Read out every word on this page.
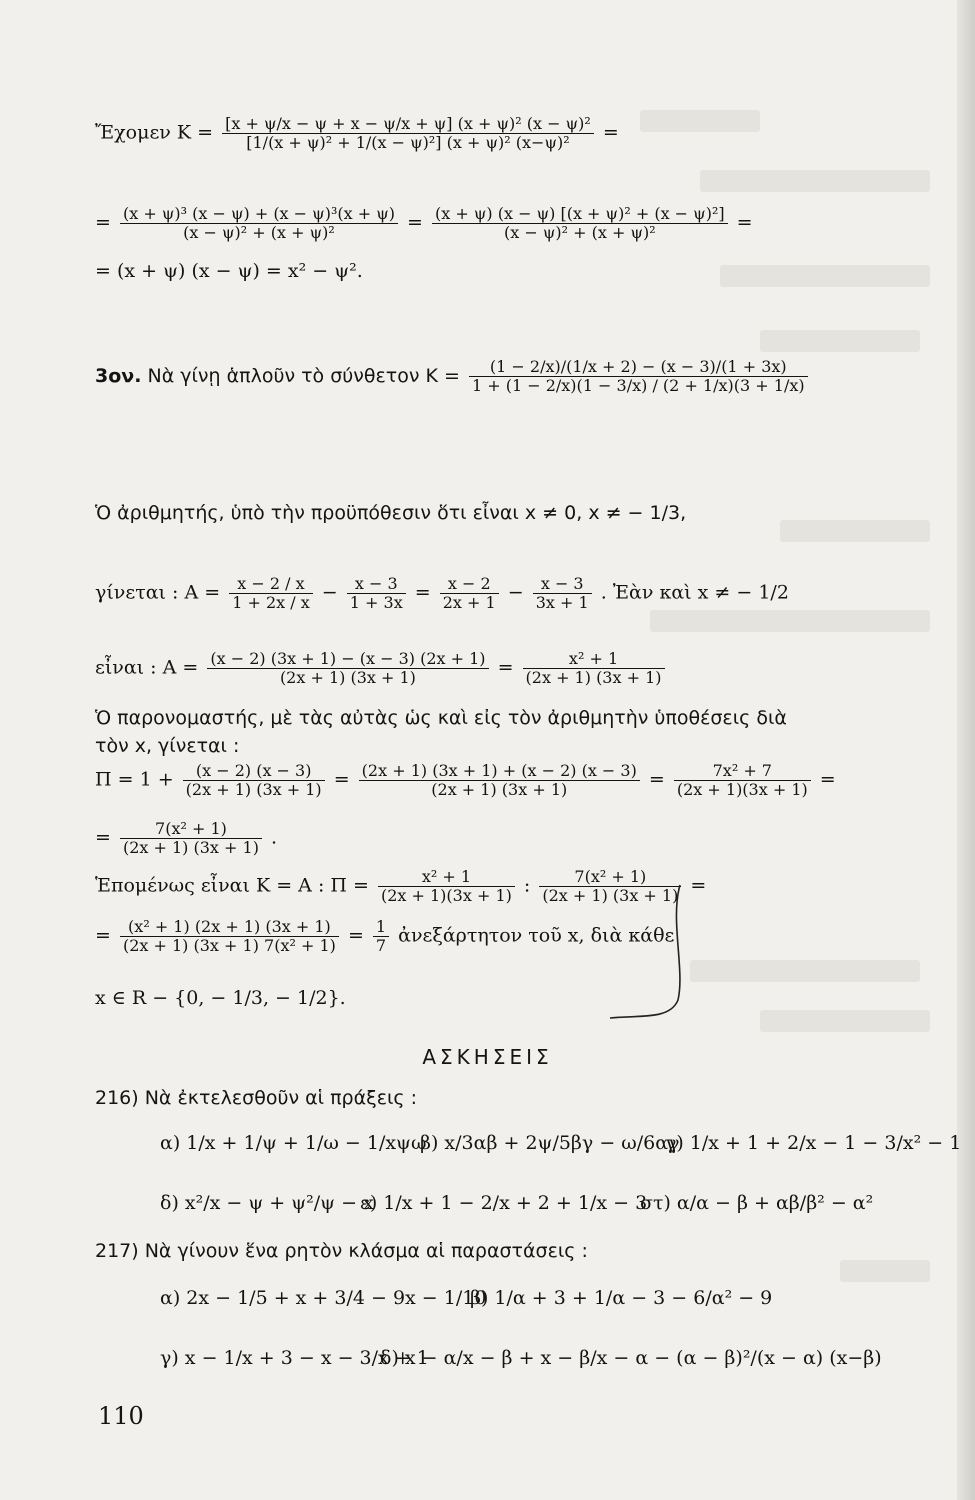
Ἔχομεν $K = \frac{\text{[x + ψ/x − ψ + x − ψ/x + ψ] (x + ψ)² (x − ψ)²}}{\text{[1/(x + ψ)² + 1/(x − ψ)²] (x + ψ)² (x−ψ)²}}$ =
= $\frac{\text{(x + ψ)³ (x − ψ) + (x − ψ)³(x + ψ)}}{\text{(x − ψ)² + (x + ψ)²}} = \frac{\text{(x + ψ) (x − ψ) [(x + ψ)² + (x − ψ)²]}}{\text{(x − ψ)² + (x + ψ)²}}$ =
= (x + ψ) (x − ψ) = x² − ψ².
3ον. Νὰ γίνῃ ἁπλοῦν τὸ σύνθετον $K = \frac{(1 - 2/x)/(1/x + 2) - (x - 3)/(1 + 3x)}{1 + (1 - 2/x)(1 - 3/x) / (2 + 1/x)(3 + 1/x)}$
Ὁ ἀριθμητής, ὑπὸ τὴν προϋπόθεσιν ὅτι εἶναι x ≠ 0, x ≠ − 1/3,
γίνεται : $A = \frac{x - 2 / x}{1 + 2x / x} - \frac{x - 3}{1 + 3x} = \frac{x - 2}{2x + 1} - \frac{x - 3}{3x + 1}$ . Ἐὰν καὶ x ≠ − 1/2
εἶναι : $A = \frac{(x - 2) (3x + 1) - (x - 3) (2x + 1)}{(2x + 1) (3x + 1)} = \frac{\text{x² + 1}}{(2x + 1) (3x + 1)}$
Ὁ παρονομαστής, μὲ τὰς αὐτὰς ὡς καὶ εἰς τὸν ἀριθμητὴν ὑποθέσεις διὰ
τὸν x, γίνεται :
$\Pi = 1 + \frac{(x - 2) (x - 3)}{(2x + 1) (3x + 1)} = \frac{(2x + 1) (3x + 1) + (x - 2) (x - 3)}{(2x + 1) (3x + 1)} = \frac{\text{7x² + 7}}{(2x + 1)(3x + 1)}$ =
= $\frac{\text{7(x² + 1)}}{(2x + 1) (3x + 1)}$ .
Ἑπομένως εἶναι K = A : $\Pi = \frac{\text{x² + 1}}{(2x + 1)(3x + 1)}$ : $\frac{\text{7(x² + 1)}}{(2x + 1) (3x + 1)}$ =
= $\frac{\text{(x² + 1) (2x + 1) (3x + 1)}}{\text{(2x + 1) (3x + 1) 7(x² + 1)}} = \frac{1}{7}$ ἀνεξάρτητον τοῦ x, διὰ κάθε
x ∈ R − {0, − 1/3, − 1/2}.
ΑΣΚΗΣΕΙΣ
216) Νὰ ἐκτελεσθοῦν αἱ πράξεις :
α) 1/x + 1/ψ + 1/ω − 1/xψω
β) x/3αβ + 2ψ/5βγ − ω/6αγ
γ) 1/x + 1 + 2/x − 1 − 3/x² − 1
δ) x²/x − ψ + ψ²/ψ − x
ε) 1/x + 1 − 2/x + 2 + 1/x − 3
στ) α/α − β + αβ/β² − α²
217) Νὰ γίνουν ἕνα ρητὸν κλάσμα αἱ παραστάσεις :
α) 2x − 1/5 + x + 3/4 − 9x − 1/10
β) 1/α + 3 + 1/α − 3 − 6/α² − 9
γ) x − 1/x + 3 − x − 3/x + 1
δ) x − α/x − β + x − β/x − α − (α − β)²/(x − α) (x−β)
110
